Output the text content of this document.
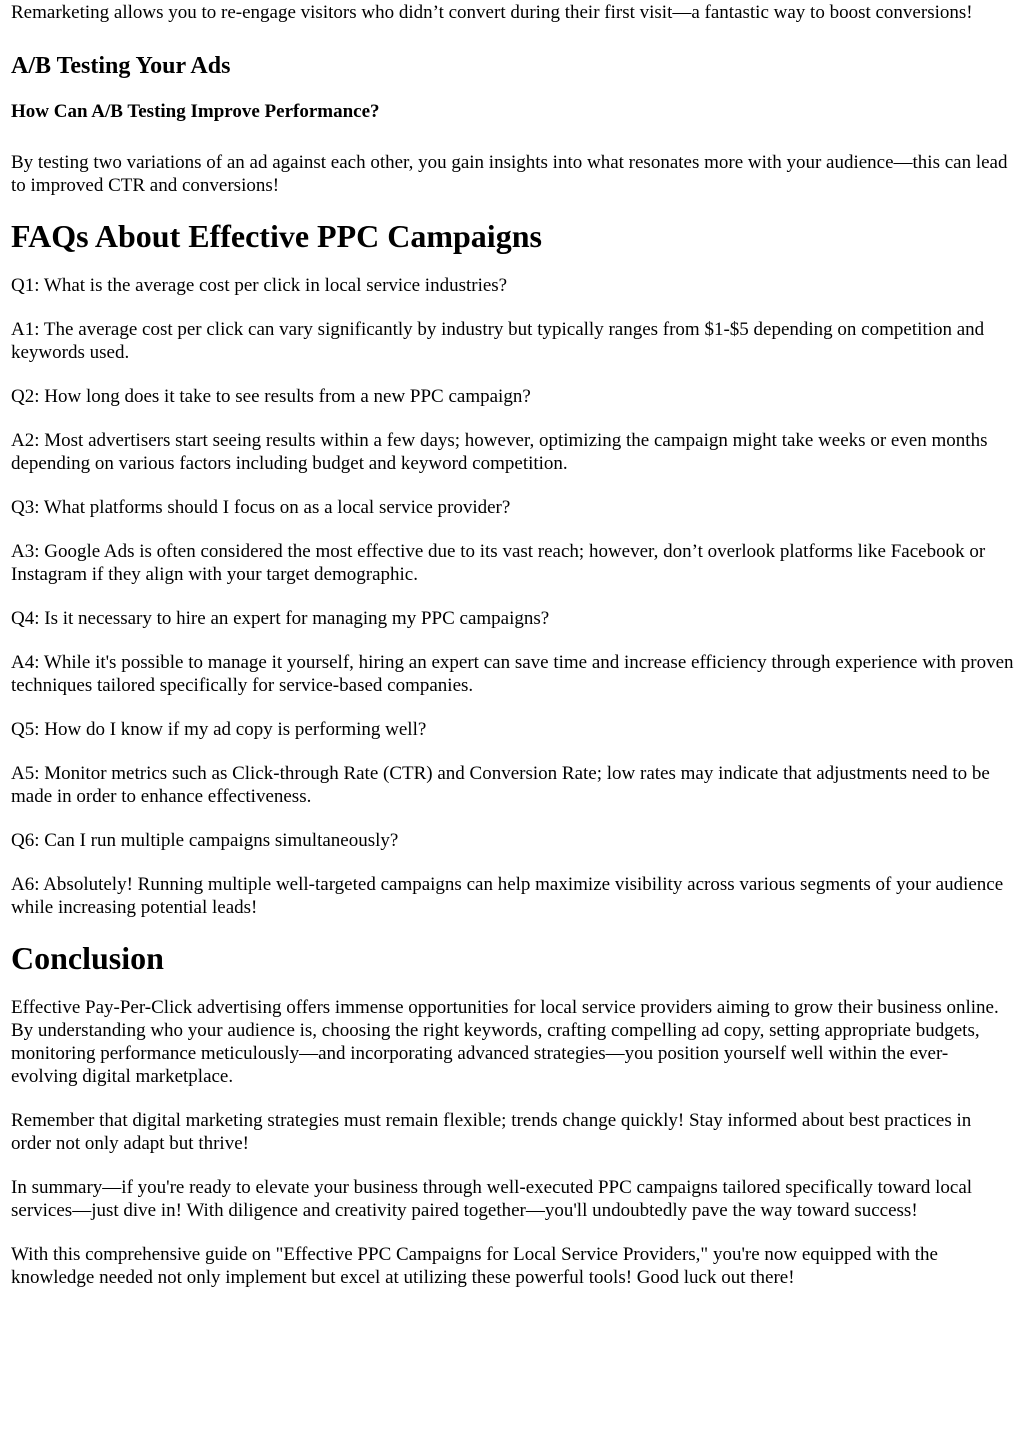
Remarketing allows you to re-engage visitors who didn’t convert during their first visit—a fantastic way to boost conversions!

A/B Testing Your Ads
How Can A/B Testing Improve Performance?

By testing two variations of an ad against each other, you gain insights into what resonates more with your audience—this can lead to improved CTR and conversions!

FAQs About Effective PPC Campaigns

Q1: What is the average cost per click in local service industries?

A1: The average cost per click can vary significantly by industry but typically ranges from $1-$5 depending on competition and keywords used.

Q2: How long does it take to see results from a new PPC campaign?

A2: Most advertisers start seeing results within a few days; however, optimizing the campaign might take weeks or even months depending on various factors including budget and keyword competition.

Q3: What platforms should I focus on as a local service provider?

A3: Google Ads is often considered the most effective due to its vast reach; however, don’t overlook platforms like Facebook or Instagram if they align with your target demographic.

Q4: Is it necessary to hire an expert for managing my PPC campaigns?

A4: While it's possible to manage it yourself, hiring an expert can save time and increase efficiency through experience with proven techniques tailored specifically for service-based companies.

Q5: How do I know if my ad copy is performing well?

A5: Monitor metrics such as Click-through Rate (CTR) and Conversion Rate; low rates may indicate that adjustments need to be made in order to enhance effectiveness.

Q6: Can I run multiple campaigns simultaneously?

A6: Absolutely! Running multiple well-targeted campaigns can help maximize visibility across various segments of your audience while increasing potential leads!

Conclusion

Effective Pay-Per-Click advertising offers immense opportunities for local service providers aiming to grow their business online. By understanding who your audience is, choosing the right keywords, crafting compelling ad copy, setting appropriate budgets, monitoring performance meticulously—and incorporating advanced strategies—you position yourself well within the ever-evolving digital marketplace.

Remember that digital marketing strategies must remain flexible; trends change quickly! Stay informed about best practices in order not only adapt but thrive!

In summary—if you're ready to elevate your business through well-executed PPC campaigns tailored specifically toward local services—just dive in! With diligence and creativity paired together—you'll undoubtedly pave the way toward success!

With this comprehensive guide on "Effective PPC Campaigns for Local Service Providers," you're now equipped with the knowledge needed not only implement but excel at utilizing these powerful tools! Good luck out there!
